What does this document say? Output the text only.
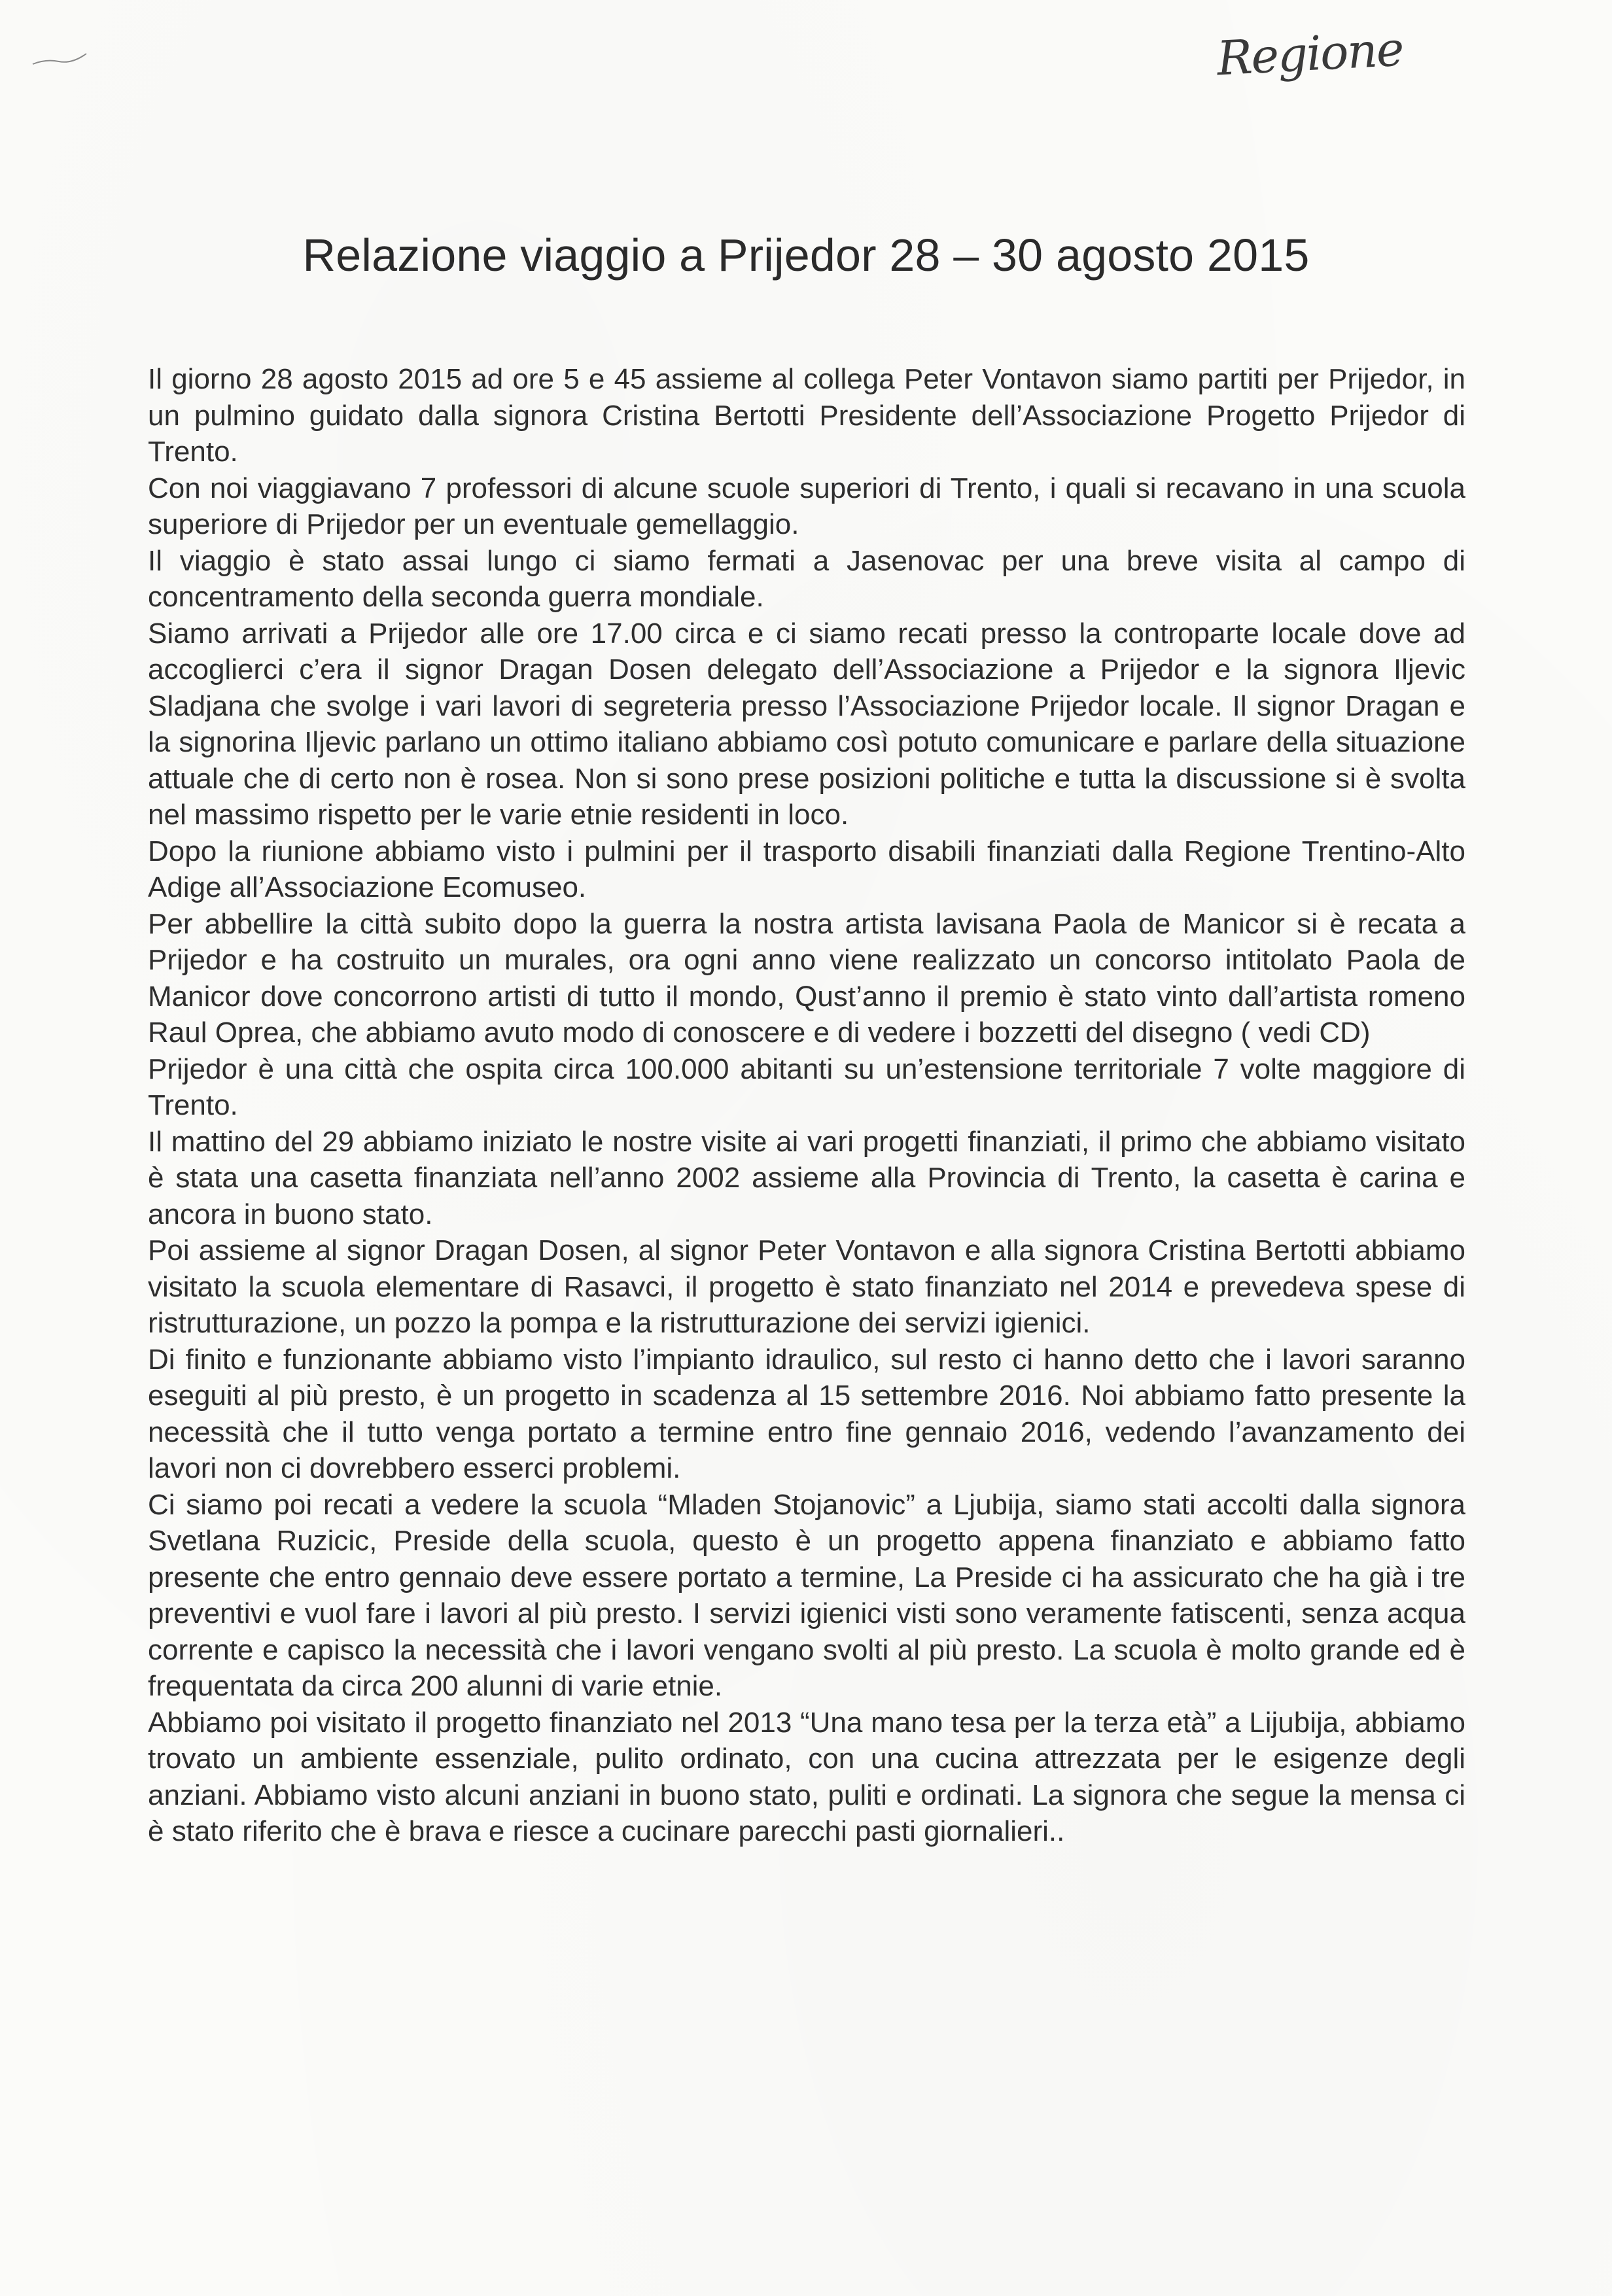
Regione
Relazione viaggio a Prijedor 28 – 30 agosto 2015

Il giorno 28 agosto 2015 ad ore 5 e 45 assieme al collega Peter Vontavon siamo partiti per Prijedor, in un pulmino guidato dalla signora Cristina Bertotti Presidente dell’Associazione Progetto Prijedor di Trento.

Con noi viaggiavano 7 professori di alcune scuole superiori di Trento, i quali si recavano in una scuola superiore di Prijedor per un eventuale gemellaggio.

Il viaggio è stato assai lungo ci siamo fermati a Jasenovac per una breve visita al campo di concentramento della seconda guerra mondiale.

Siamo arrivati a Prijedor alle ore 17.00 circa e ci siamo recati presso la controparte locale dove ad accoglierci c’era il signor Dragan Dosen delegato dell’Associazione a Prijedor e la signora Iljevic Sladjana che svolge i vari lavori di segreteria presso l’Associazione Prijedor locale. Il signor Dragan e la signorina Iljevic parlano un ottimo italiano abbiamo così potuto comunicare e parlare della situazione attuale che di certo non è rosea. Non si sono prese posizioni politiche e tutta la discussione si è svolta nel massimo rispetto per le varie etnie residenti in loco.

Dopo la riunione abbiamo visto i pulmini per il trasporto disabili finanziati dalla Regione Trentino-Alto Adige all’Associazione Ecomuseo.

Per abbellire la città subito dopo la guerra la nostra artista lavisana Paola de Manicor si è recata a Prijedor e ha costruito un murales, ora ogni anno viene realizzato un concorso intitolato Paola de Manicor dove concorrono artisti di tutto il mondo, Qust’anno il premio è stato vinto dall’artista romeno Raul Oprea, che abbiamo avuto modo di conoscere e di vedere i bozzetti del disegno ( vedi CD)

Prijedor è una città che ospita circa 100.000 abitanti su un’estensione territoriale 7 volte maggiore di Trento.

Il mattino del 29 abbiamo iniziato le nostre visite ai vari progetti finanziati, il primo che abbiamo visitato è stata una casetta finanziata nell’anno 2002 assieme alla Provincia di Trento, la casetta è carina e ancora in buono stato.

Poi assieme al signor Dragan Dosen, al signor Peter Vontavon e alla signora Cristina Bertotti abbiamo visitato la scuola elementare di Rasavci, il progetto è stato finanziato nel 2014 e prevedeva spese di ristrutturazione, un pozzo la pompa e la ristrutturazione dei servizi igienici.

Di finito e funzionante abbiamo visto l’impianto idraulico, sul resto ci hanno detto che i lavori saranno eseguiti al più presto, è un progetto in scadenza al 15 settembre 2016. Noi abbiamo fatto presente la necessità che il tutto venga portato a termine entro fine gennaio 2016, vedendo l’avanzamento dei lavori non ci dovrebbero esserci problemi.

Ci siamo poi recati a vedere la scuola “Mladen Stojanovic” a Ljubija, siamo stati accolti dalla signora Svetlana Ruzicic, Preside della scuola, questo è un progetto appena finanziato e abbiamo fatto presente che entro gennaio deve essere portato a termine, La Preside ci ha assicurato che ha già i tre preventivi e vuol fare i lavori al più presto. I servizi igienici visti sono veramente fatiscenti, senza acqua corrente e capisco la necessità che i lavori vengano svolti al più presto. La scuola è molto grande ed è frequentata da circa 200 alunni di varie etnie.

Abbiamo poi visitato il progetto finanziato nel 2013 “Una mano tesa per la terza età” a Lijubija, abbiamo trovato un ambiente essenziale, pulito ordinato, con una cucina attrezzata per le esigenze degli anziani. Abbiamo visto alcuni anziani in buono stato, puliti e ordinati. La signora che segue la mensa ci è stato riferito che è brava e riesce a cucinare parecchi pasti giornalieri..
